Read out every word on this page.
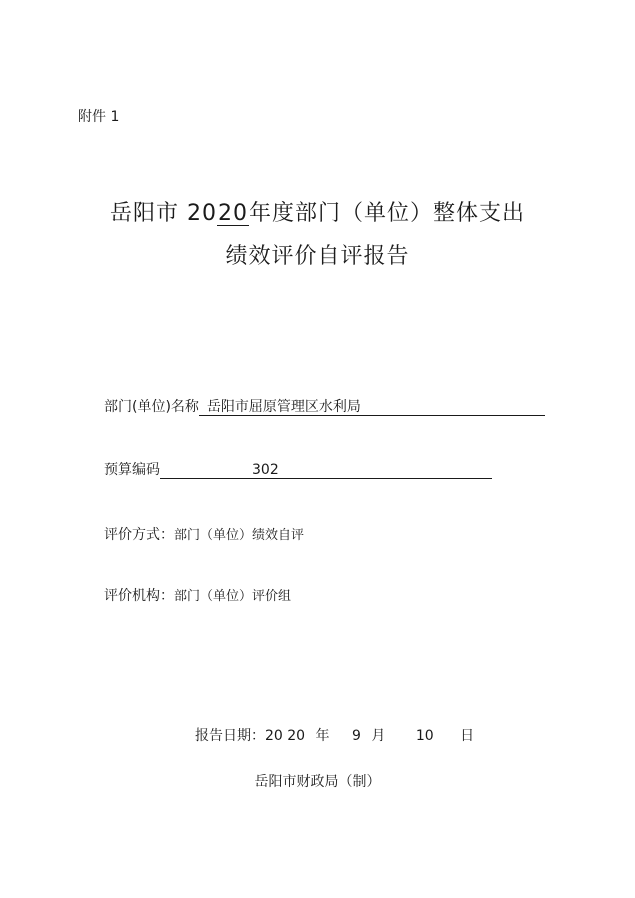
附件 1
岳阳市 2020年度部门（单位）整体支出
绩效评价自评报告
部门(单位)名称 岳阳市屈原管理区水利局
预算编码	302
评价方式：部门（单位）绩效自评
评价机构：部门（单位）评价组
报告日期：20 20 年 9 月 10 日
岳阳市财政局（制）
